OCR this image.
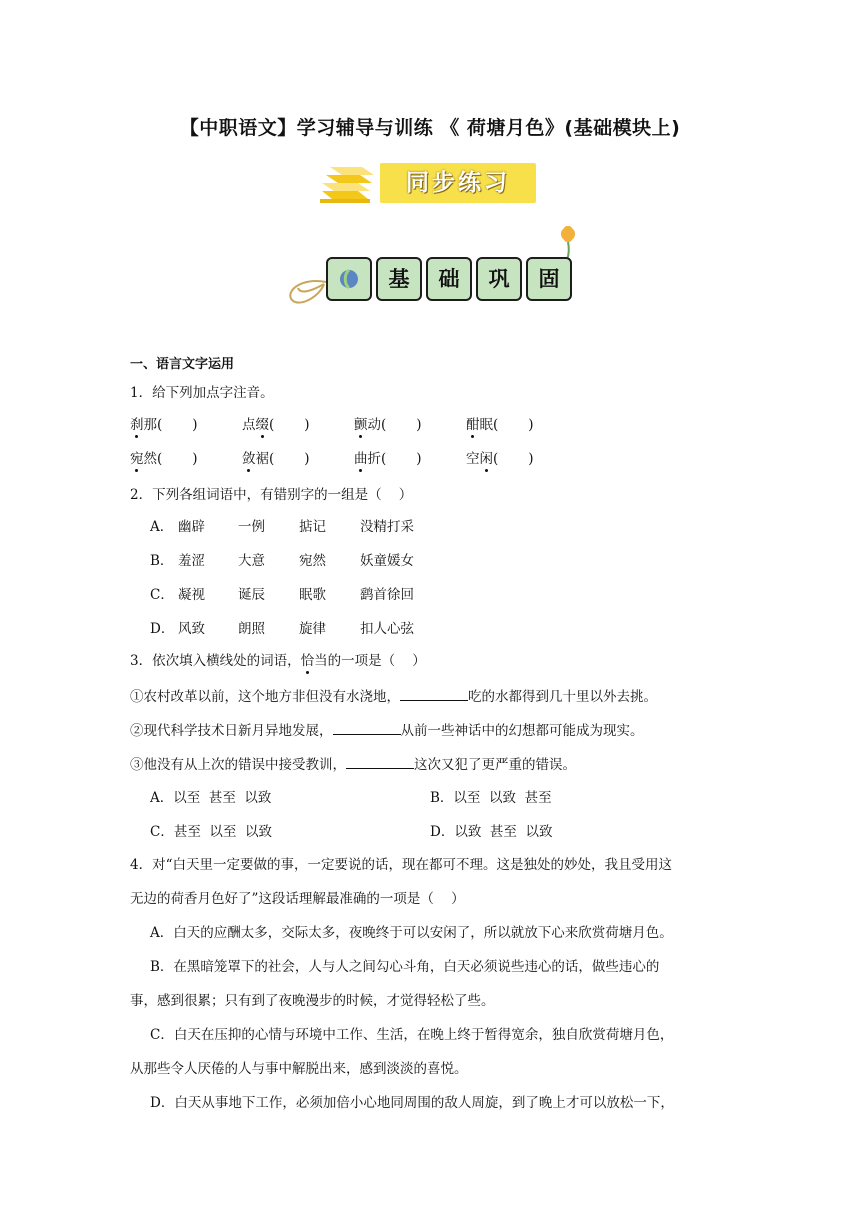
【中职语文】学习辅导与训练 《 荷塘月色》(基础模块上)
同步练习
基	础	巩	固
一、语言文字运用
1．给下列加点字注音。
刹那( )	点缀( )	颤动( )	酣眠( )
宛然( )	敛裾( )	曲折( )	空闲( )
2．下列各组词语中，有错别字的一组是（    ）
A． 幽辟 一例	掂记	没精打采
B． 羞涩 大意	宛然	妖童媛女
C． 凝视 诞辰	眠歌	鹞首徐回
D． 风致 朗照	旋律	扣人心弦
3．依次填入横线处的词语，恰当的一项是（    ）
①农村改革以前，这个地方非但没有水浇地，	吃的水都得到几十里以外去挑。
②现代科学技术日新月异地发展，	从前一些神话中的幻想都可能成为现实。
③他没有从上次的错误中接受教训，	这次又犯了更严重的错误。
A．以至  甚至  以致	B．以至  以致  甚至
C．甚至  以至  以致	D．以致  甚至  以致
4．对“白天里一定要做的事，一定要说的话，现在都可不理。这是独处的妙处，我且受用这
无边的荷香月色好了”这段话理解最准确的一项是（    ）
A．白天的应酬太多，交际太多，夜晚终于可以安闲了，所以就放下心来欣赏荷塘月色。
B．在黑暗笼罩下的社会，人与人之间勾心斗角，白天必须说些违心的话，做些违心的
事，感到很累；只有到了夜晚漫步的时候，才觉得轻松了些。
C．白天在压抑的心情与环境中工作、生活，在晚上终于暂得宽余，独自欣赏荷塘月色，
从那些令人厌倦的人与事中解脱出来，感到淡淡的喜悦。
D．白天从事地下工作，必须加倍小心地同周围的敌人周旋，到了晚上才可以放松一下，
